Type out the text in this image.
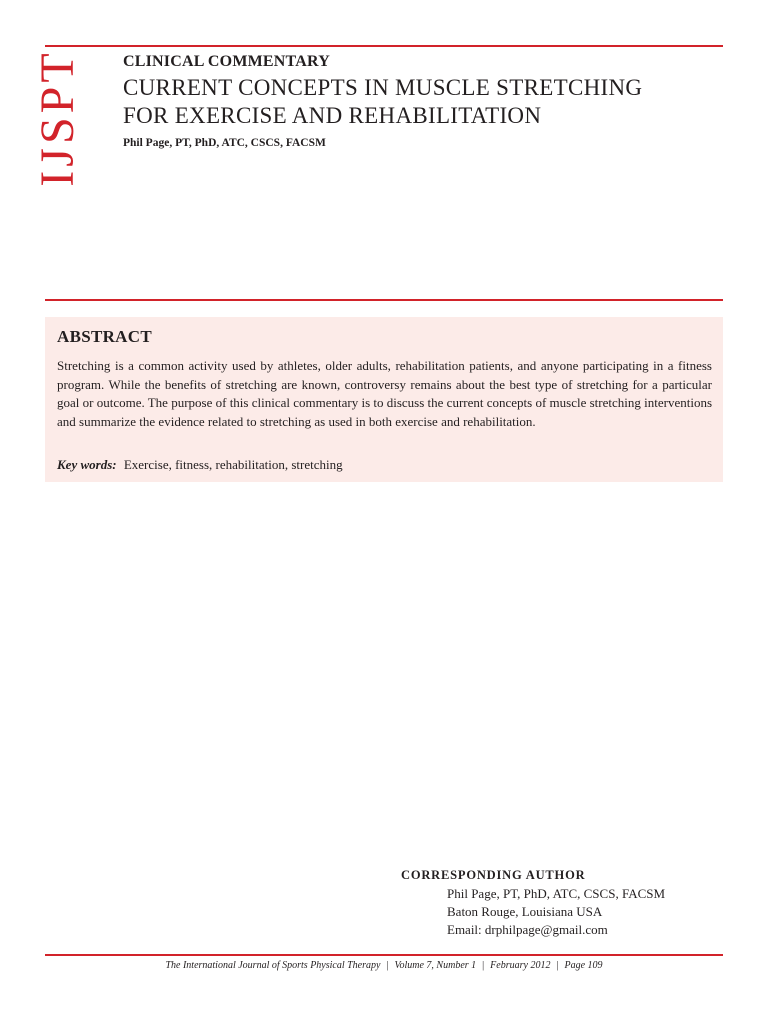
IJSPT CLINICAL COMMENTARY
CURRENT CONCEPTS IN MUSCLE STRETCHING
FOR EXERCISE AND REHABILITATION
Phil Page, PT, PhD, ATC, CSCS, FACSM
ABSTRACT
Stretching is a common activity used by athletes, older adults, rehabilitation patients, and anyone participating in a fitness program. While the benefits of stretching are known, controversy remains about the best type of stretching for a particular goal or outcome. The purpose of this clinical commentary is to discuss the current concepts of muscle stretching interventions and summarize the evidence related to stretching as used in both exercise and rehabilitation.
Key words: Exercise, fitness, rehabilitation, stretching
CORRESPONDING AUTHOR
Phil Page, PT, PhD, ATC, CSCS, FACSM
Baton Rouge, Louisiana USA
Email: drphilpage@gmail.com
The International Journal of Sports Physical Therapy | Volume 7, Number 1 | February 2012 | Page 109
